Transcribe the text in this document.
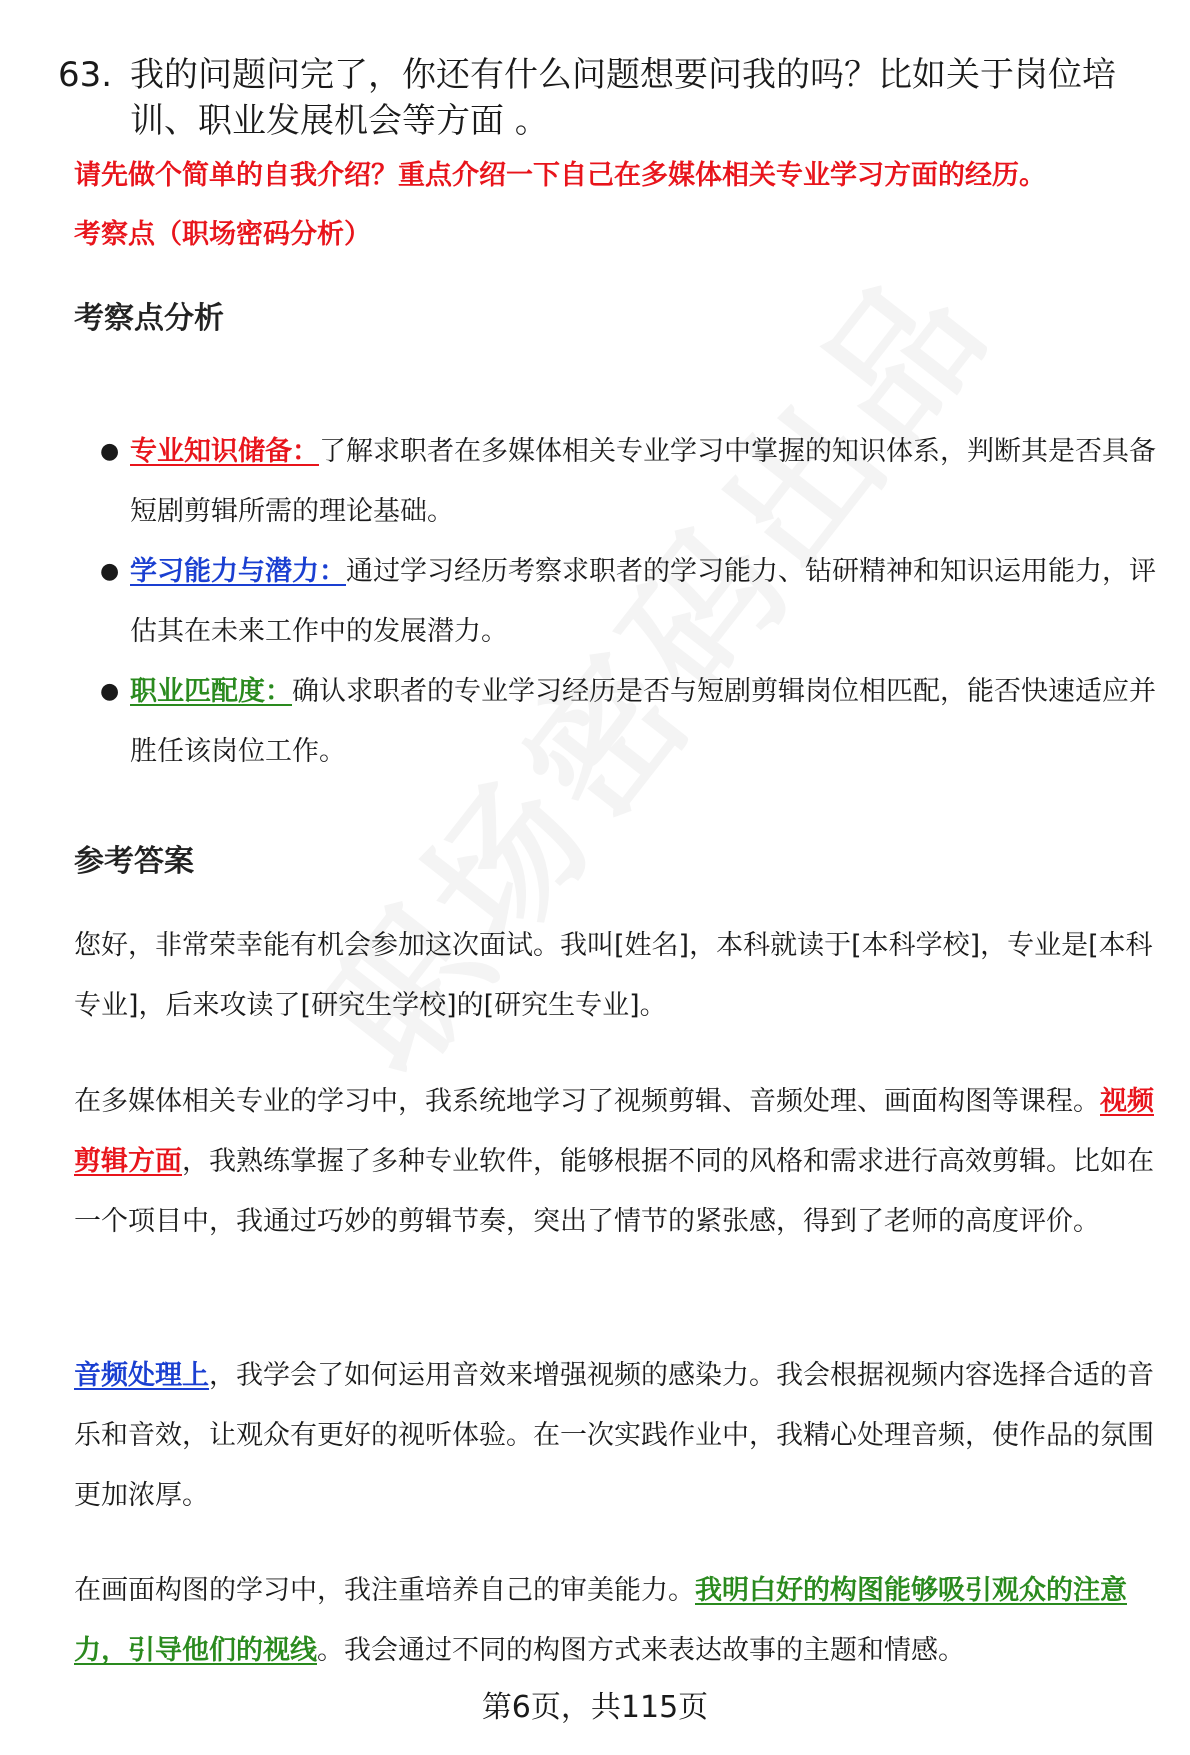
63. 我的问题问完了，你还有什么问题想要问我的吗？比如关于岗位培训、职业发展机会等方面 。
请先做个简单的自我介绍？重点介绍一下自己在多媒体相关专业学习方面的经历。
考察点（职场密码分析）
考察点分析
● 专业知识储备：了解求职者在多媒体相关专业学习中掌握的知识体系，判断其是否具备短剧剪辑所需的理论基础。
● 学习能力与潜力：通过学习经历考察求职者的学习能力、钻研精神和知识运用能力，评估其在未来工作中的发展潜力。
● 职业匹配度：确认求职者的专业学习经历是否与短剧剪辑岗位相匹配，能否快速适应并胜任该岗位工作。
参考答案
您好，非常荣幸能有机会参加这次面试。我叫[姓名]，本科就读于[本科学校]，专业是[本科专业]，后来攻读了[研究生学校]的[研究生专业]。
在多媒体相关专业的学习中，我系统地学习了视频剪辑、音频处理、画面构图等课程。视频剪辑方面，我熟练掌握了多种专业软件，能够根据不同的风格和需求进行高效剪辑。比如在一个项目中，我通过巧妙的剪辑节奏，突出了情节的紧张感，得到了老师的高度评价。
音频处理上，我学会了如何运用音效来增强视频的感染力。我会根据视频内容选择合适的音乐和音效，让观众有更好的视听体验。在一次实践作业中，我精心处理音频，使作品的氛围更加浓厚。
在画面构图的学习中，我注重培养自己的审美能力。我明白好的构图能够吸引观众的注意力，引导他们的视线。我会通过不同的构图方式来表达故事的主题和情感。
第6页，共115页
